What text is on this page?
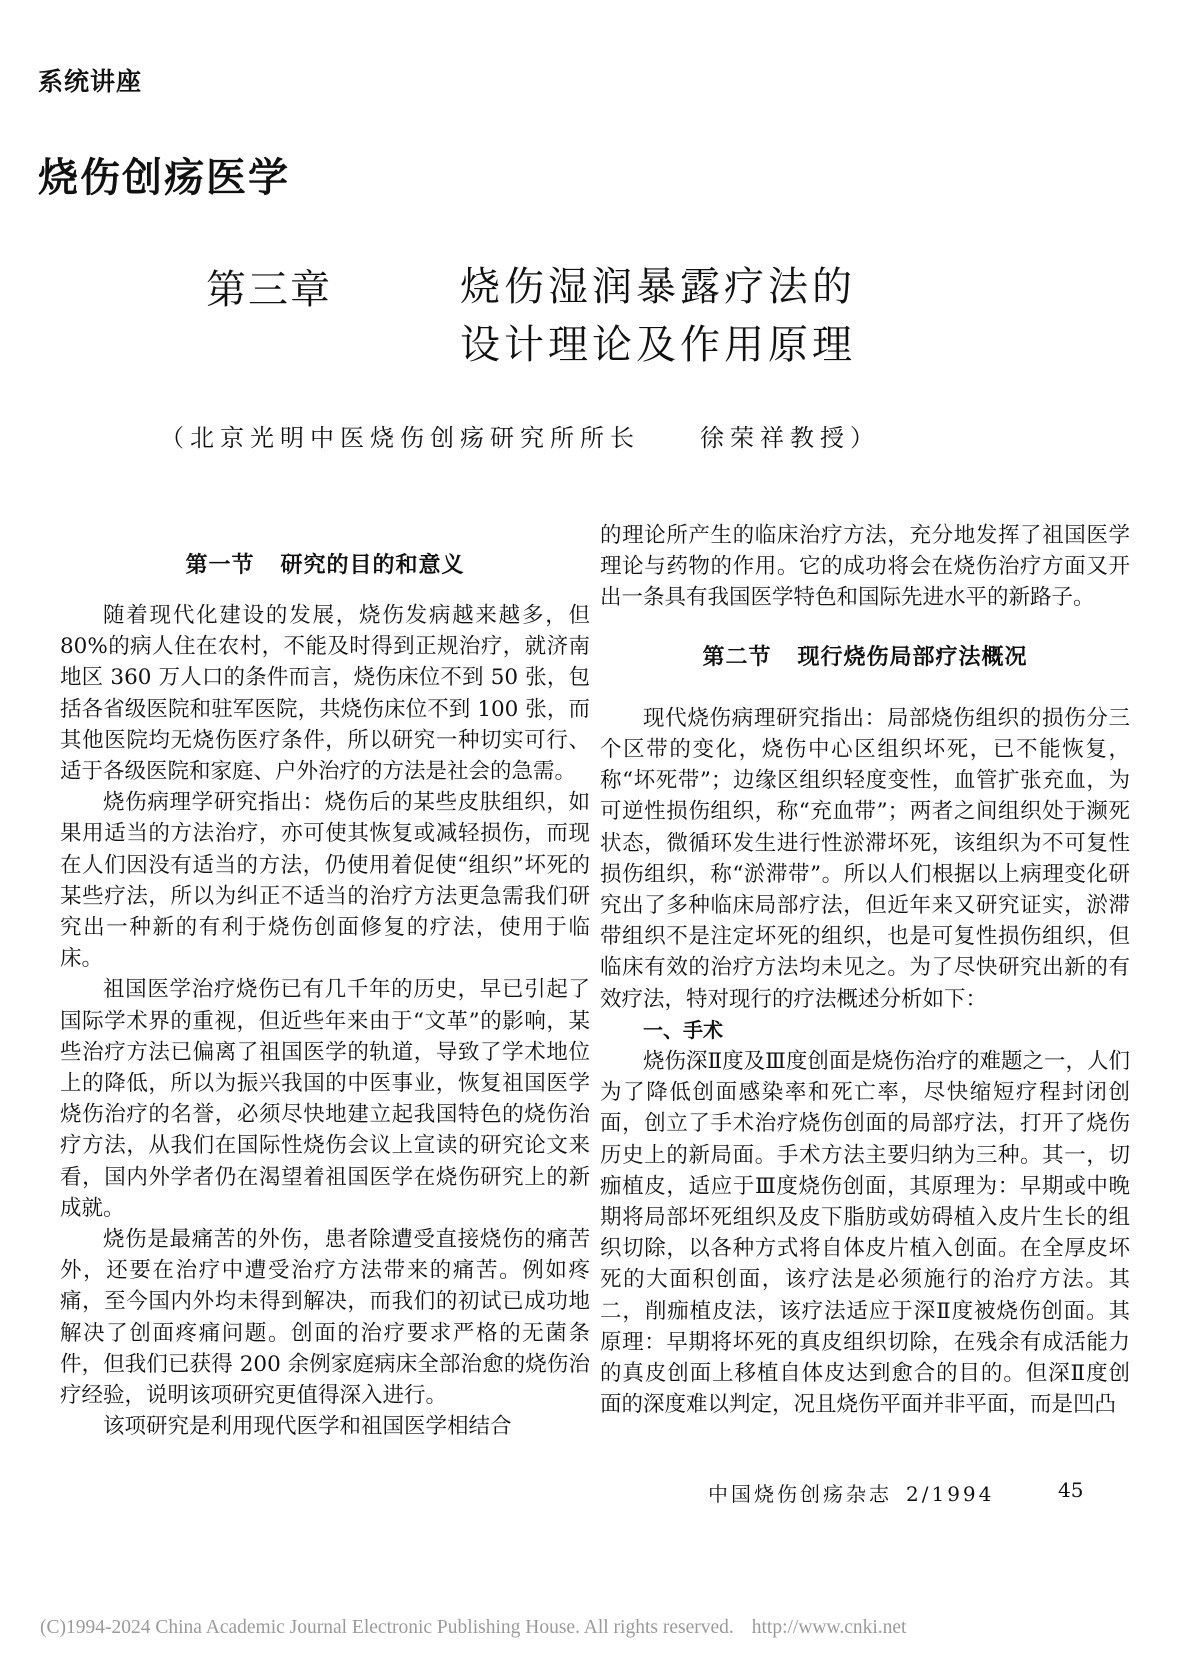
系统讲座
烧伤创疡医学
第三章	烧伤湿润暴露疗法的
设计理论及作用原理
（北京光明中医烧伤创疡研究所所长	徐荣祥教授）
第一节 研究的目的和意义

随着现代化建设的发展，烧伤发病越来越多，但 80%的病人住在农村，不能及时得到正规治疗，就济南地区 360 万人口的条件而言，烧伤床位不到 50 张，包括各省级医院和驻军医院，共烧伤床位不到 100 张，而其他医院均无烧伤医疗条件，所以研究一种切实可行、适于各级医院和家庭、户外治疗的方法是社会的急需。

烧伤病理学研究指出：烧伤后的某些皮肤组织，如果用适当的方法治疗，亦可使其恢复或减轻损伤，而现在人们因没有适当的方法，仍使用着促使“组织”坏死的某些疗法，所以为纠正不适当的治疗方法更急需我们研究出一种新的有利于烧伤创面修复的疗法，使用于临床。

祖国医学治疗烧伤已有几千年的历史，早已引起了国际学术界的重视，但近些年来由于“文革”的影响，某些治疗方法已偏离了祖国医学的轨道，导致了学术地位上的降低，所以为振兴我国的中医事业，恢复祖国医学烧伤治疗的名誉，必须尽快地建立起我国特色的烧伤治疗方法，从我们在国际性烧伤会议上宣读的研究论文来看，国内外学者仍在渴望着祖国医学在烧伤研究上的新成就。

烧伤是最痛苦的外伤，患者除遭受直接烧伤的痛苦外，还要在治疗中遭受治疗方法带来的痛苦。例如疼痛，至今国内外均未得到解决，而我们的初试已成功地解决了创面疼痛问题。创面的治疗要求严格的无菌条件，但我们已获得 200 余例家庭病床全部治愈的烧伤治疗经验，说明该项研究更值得深入进行。

该项研究是利用现代医学和祖国医学相结合

的理论所产生的临床治疗方法，充分地发挥了祖国医学理论与药物的作用。它的成功将会在烧伤治疗方面又开出一条具有我国医学特色和国际先进水平的新路子。

第二节 现行烧伤局部疗法概况

现代烧伤病理研究指出：局部烧伤组织的损伤分三个区带的变化，烧伤中心区组织坏死，已不能恢复，称“坏死带”；边缘区组织轻度变性，血管扩张充血，为可逆性损伤组织，称“充血带”；两者之间组织处于濒死状态，微循环发生进行性淤滞坏死，该组织为不可复性损伤组织，称“淤滞带”。所以人们根据以上病理变化研究出了多种临床局部疗法，但近年来又研究证实，淤滞带组织不是注定坏死的组织，也是可复性损伤组织，但临床有效的治疗方法均未见之。为了尽快研究出新的有效疗法，特对现行的疗法概述分析如下：

一、手术

烧伤深Ⅱ度及Ⅲ度创面是烧伤治疗的难题之一，人们为了降低创面感染率和死亡率，尽快缩短疗程封闭创面，创立了手术治疗烧伤创面的局部疗法，打开了烧伤历史上的新局面。手术方法主要归纳为三种。其一，切痂植皮，适应于Ⅲ度烧伤创面，其原理为：早期或中晚期将局部坏死组织及皮下脂肪或妨碍植入皮片生长的组织切除，以各种方式将自体皮片植入创面。在全厚皮坏死的大面积创面，该疗法是必须施行的治疗方法。其二，削痂植皮法，该疗法适应于深Ⅱ度被烧伤创面。其原理：早期将坏死的真皮组织切除，在残余有成活能力的真皮创面上移植自体皮达到愈合的目的。但深Ⅱ度创面的深度难以判定，况且烧伤平面并非平面，而是凹凸

中国烧伤创疡杂志 2/1994	45
(C)1994-2024 China Academic Journal Electronic Publishing House. All rights reserved. http://www.cnki.net
